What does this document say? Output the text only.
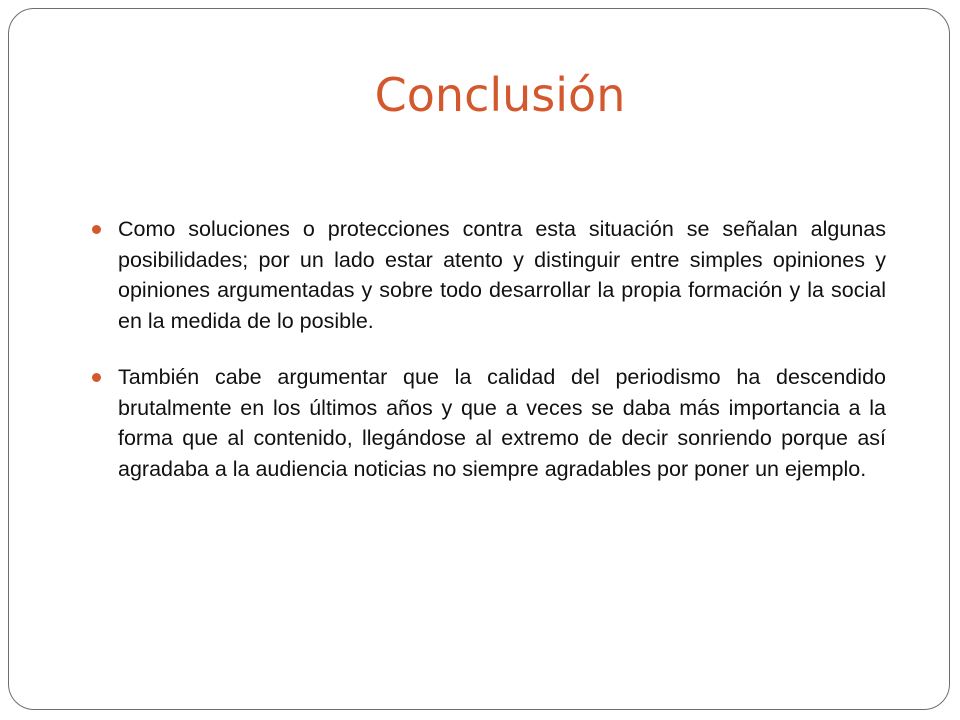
Conclusión
Como soluciones o protecciones contra esta situación se señalan algunas posibilidades; por un lado estar atento y distinguir entre simples opiniones y opiniones argumentadas y sobre todo desarrollar la propia formación y la social en la medida de lo posible.
También cabe argumentar que la calidad del periodismo ha descendido brutalmente en los últimos años y que a veces se daba más importancia a la forma que al contenido, llegándose al extremo de decir sonriendo porque así agradaba a la audiencia noticias no siempre agradables por poner un ejemplo.
